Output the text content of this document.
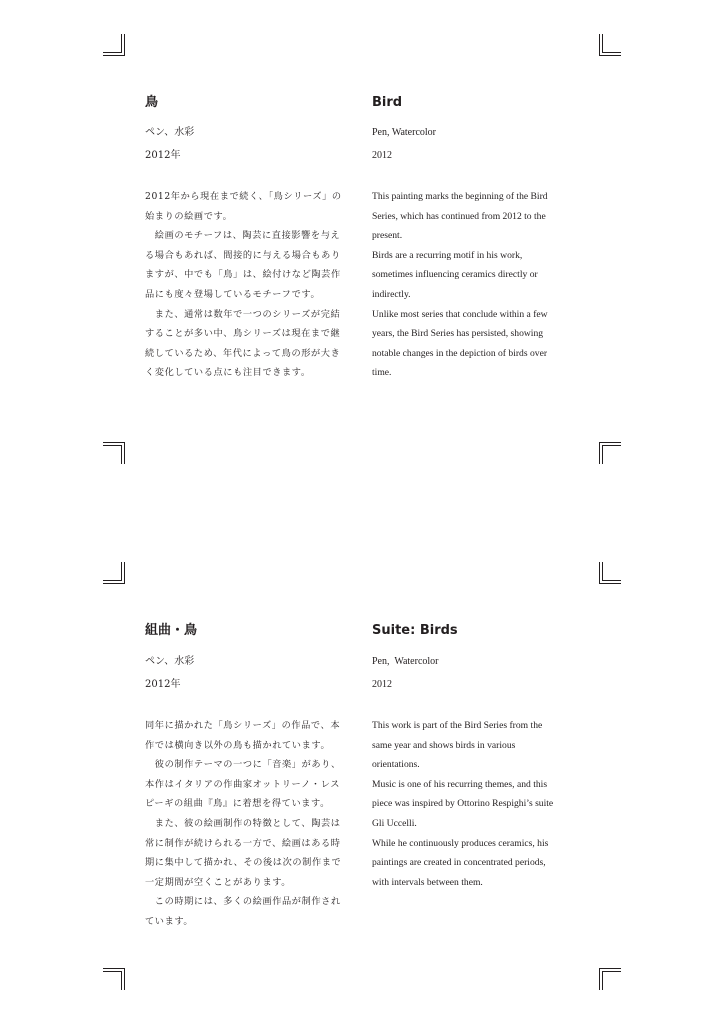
鳥

ペン、水彩

2012年

2012年から現在まで続く、「鳥シリーズ」の

始まりの絵画です。

　絵画のモチーフは、陶芸に直接影響を与え

る場合もあれば、間接的に与える場合もあり

ますが、中でも「鳥」は、絵付けなど陶芸作

品にも度々登場しているモチーフです。

　また、通常は数年で一つのシリーズが完結

することが多い中、鳥シリーズは現在まで継

続しているため、年代によって鳥の形が大き

く変化している点にも注目できます。

Bird

Pen, Watercolor

2012

This painting marks the beginning of the Bird

Series, which has continued from 2012 to the

present.

Birds are a recurring motif in his work,

sometimes influencing ceramics directly or

indirectly.

Unlike most series that conclude within a few

years, the Bird Series has persisted, showing

notable changes in the depiction of birds over

time.

組曲・鳥

ペン、水彩

2012年

同年に描かれた「鳥シリーズ」の作品で、本

作では横向き以外の鳥も描かれています。

　彼の制作テーマの一つに「音楽」があり、

本作はイタリアの作曲家オットリーノ・レス

ピーギの組曲『鳥』に着想を得ています。

　また、彼の絵画制作の特徴として、陶芸は

常に制作が続けられる一方で、絵画はある時

期に集中して描かれ、その後は次の制作まで

一定期間が空くことがあります。

　この時期には、多くの絵画作品が制作され

ています。

Suite: Birds

Pen,  Watercolor

2012

This work is part of the Bird Series from the

same year and shows birds in various

orientations.

Music is one of his recurring themes, and this

piece was inspired by Ottorino Respighi’s suite

Gli Uccelli.

While he continuously produces ceramics, his

paintings are created in concentrated periods,

with intervals between them.
